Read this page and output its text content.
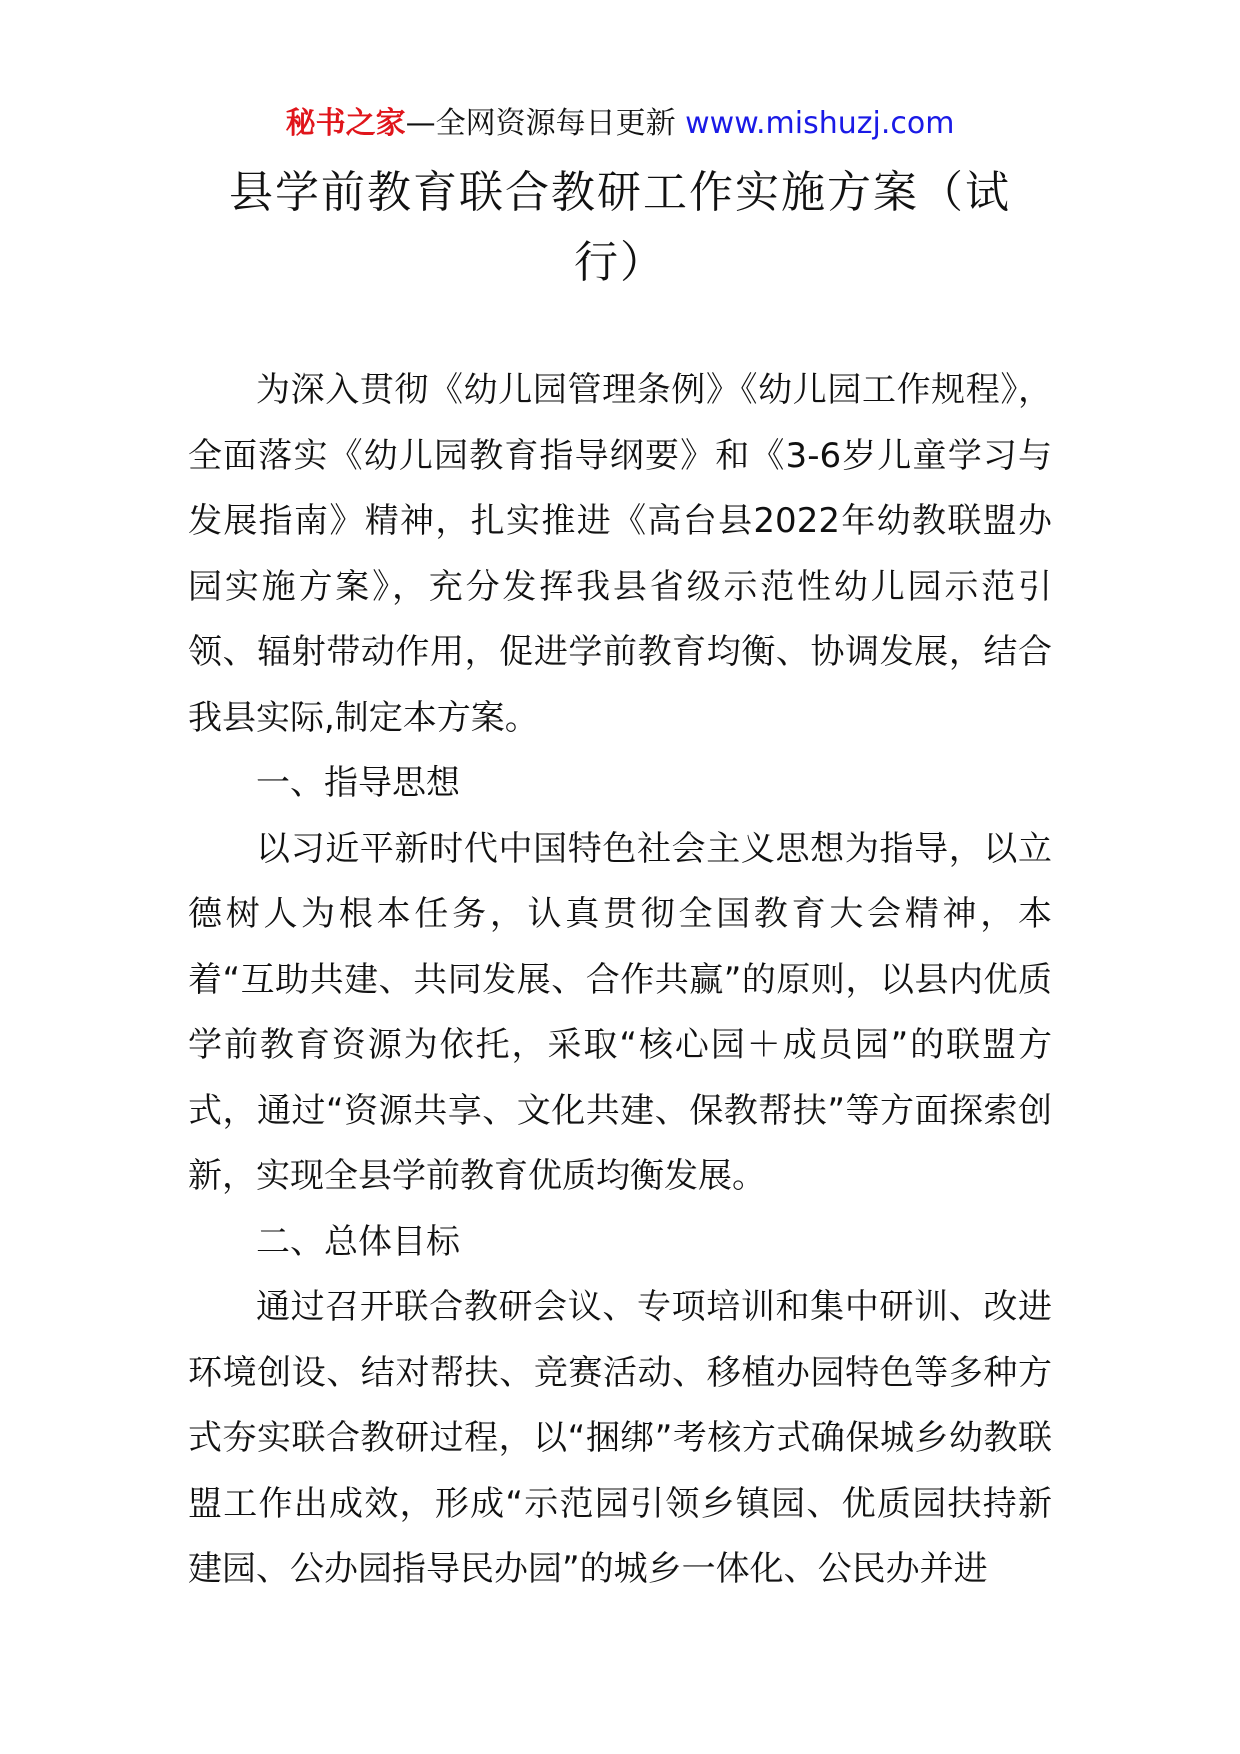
秘书之家—全网资源每日更新 www.mishuzj.com
县学前教育联合教研工作实施方案（试行）

为深入贯彻《幼儿园管理条例》《幼儿园工作规程》，全面落实《幼儿园教育指导纲要》和《3-6岁儿童学习与发展指南》精神，扎实推进《高台县2022年幼教联盟办园实施方案》，充分发挥我县省级示范性幼儿园示范引领、辐射带动作用，促进学前教育均衡、协调发展，结合我县实际,制定本方案。

一、指导思想

以习近平新时代中国特色社会主义思想为指导，以立德树人为根本任务，认真贯彻全国教育大会精神，本着“互助共建、共同发展、合作共赢”的原则，以县内优质学前教育资源为依托，采取“核心园＋成员园”的联盟方式，通过“资源共享、文化共建、保教帮扶”等方面探索创新，实现全县学前教育优质均衡发展。

二、总体目标

通过召开联合教研会议、专项培训和集中研训、改进环境创设、结对帮扶、竞赛活动、移植办园特色等多种方式夯实联合教研过程，以“捆绑”考核方式确保城乡幼教联盟工作出成效，形成“示范园引领乡镇园、优质园扶持新建园、公办园指导民办园”的城乡一体化、公民办并进
